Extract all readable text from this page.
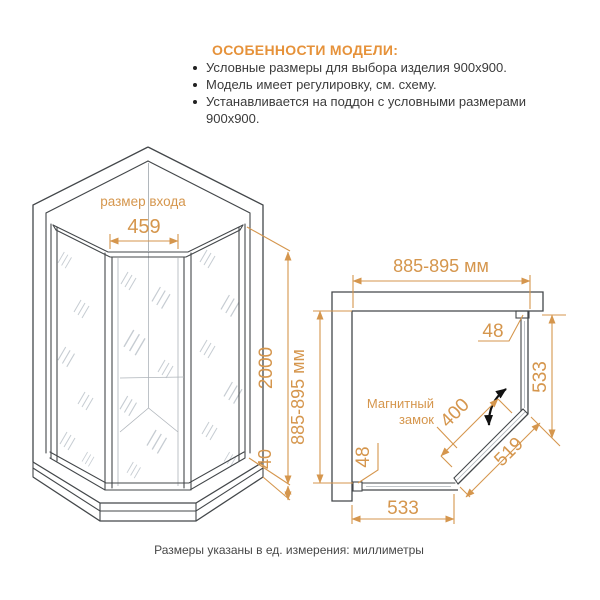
ОСОБЕННОСТИ МОДЕЛИ:
Условные размеры для выбора изделия 900x900.
Модель имеет регулировку, см. схему.
Устанавливается на поддон с условными размерами 900x900.
размер входа
459
2000
40
885-895 мм
885-895 мм
48
533
400
519
Магнитный
замок
48
533
Размеры указаны в ед. измерения: миллиметры
